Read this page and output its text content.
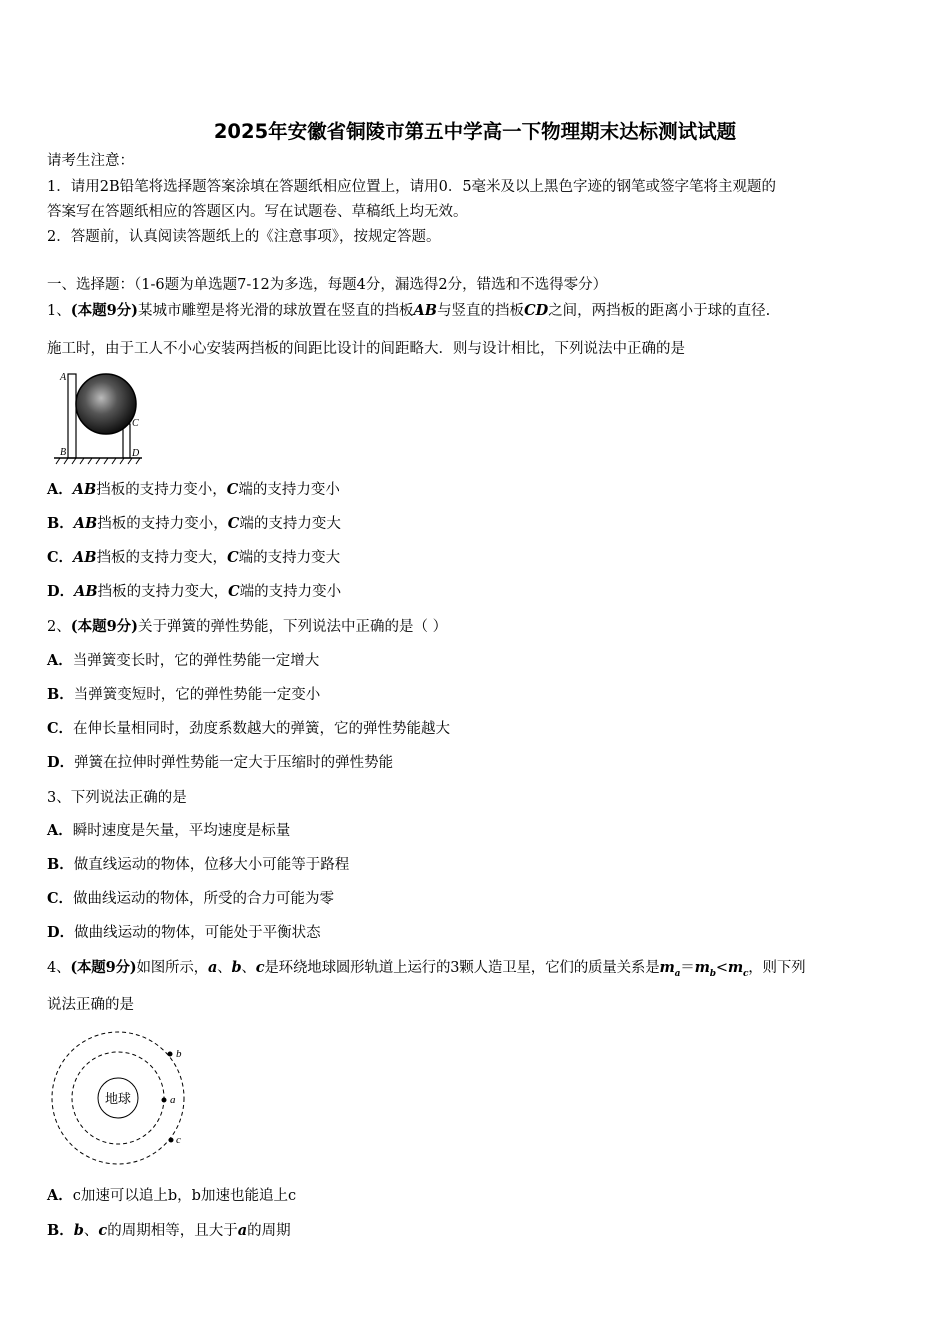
2025年安徽省铜陵市第五中学高一下物理期末达标测试试题
请考生注意：
1．请用2B铅笔将选择题答案涂填在答题纸相应位置上，请用0．5毫米及以上黑色字迹的钢笔或签字笔将主观题的
答案写在答题纸相应的答题区内。写在试题卷、草稿纸上均无效。
2．答题前，认真阅读答题纸上的《注意事项》，按规定答题。
一、选择题：（1-6题为单选题7-12为多选，每题4分，漏选得2分，错选和不选得零分）
1、(本题9分)某城市雕塑是将光滑的球放置在竖直的挡板AB与竖直的挡板CD之间，两挡板的距离小于球的直径.
施工时，由于工人不小心安装两挡板的间距比设计的间距略大．则与设计相比，下列说法中正确的是
A
B
C
D
A．AB挡板的支持力变小，C端的支持力变小
B．AB挡板的支持力变小，C端的支持力变大
C．AB挡板的支持力变大，C端的支持力变大
D．AB挡板的支持力变大，C端的支持力变小
2、(本题9分)关于弹簧的弹性势能，下列说法中正确的是（ ）
A．当弹簧变长时，它的弹性势能一定增大
B．当弹簧变短时，它的弹性势能一定变小
C．在伸长量相同时，劲度系数越大的弹簧，它的弹性势能越大
D．弹簧在拉伸时弹性势能一定大于压缩时的弹性势能
3、下列说法正确的是
A．瞬时速度是矢量，平均速度是标量
B．做直线运动的物体，位移大小可能等于路程
C．做曲线运动的物体，所受的合力可能为零
D．做曲线运动的物体，可能处于平衡状态
4、(本题9分)如图所示，a、b、c是环绕地球圆形轨道上运行的3颗人造卫星，它们的质量关系是$m_a=m_b<m_c$，则下列
说法正确的是
地球
b
a
c
A．c加速可以追上b，b加速也能追上c
B．b、c的周期相等，且大于a的周期
